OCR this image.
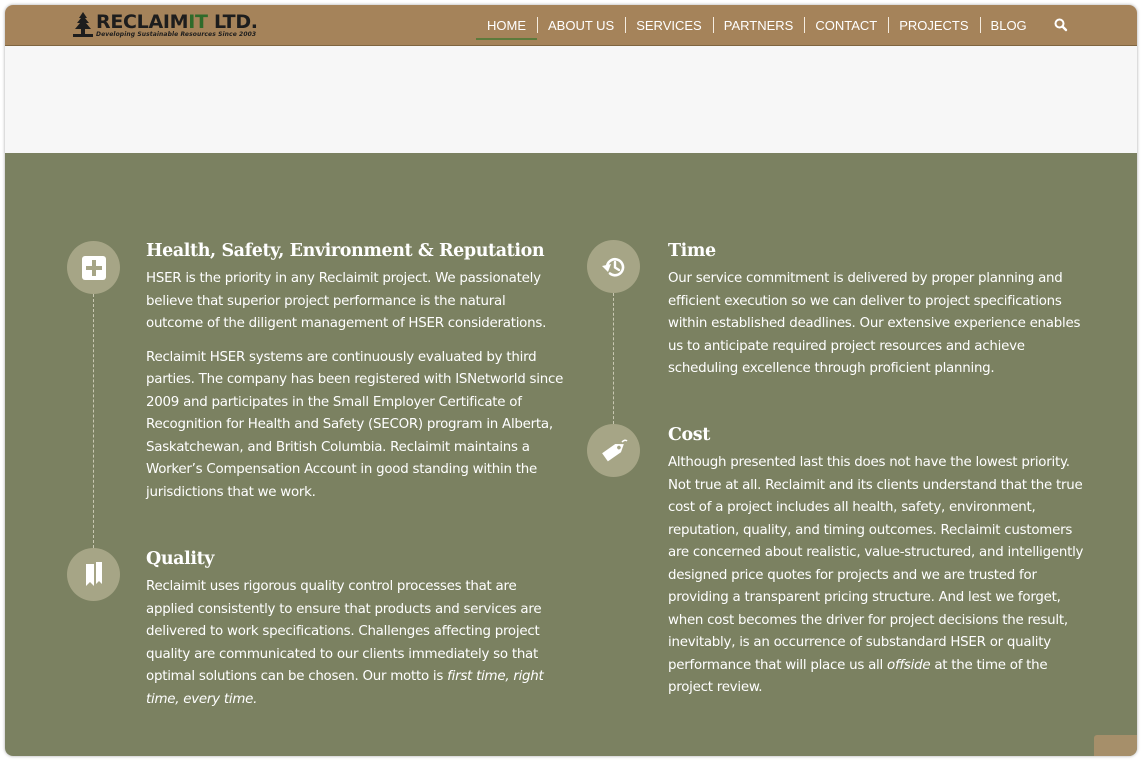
RECLAIMIT LTD.
Developing Sustainable Resources Since 2003
HOME	ABOUT US	SERVICES	PARTNERS	CONTACT	PROJECTS	BLOG
Health, Safety, Environment & Reputation

HSER is the priority in any Reclaimit project. We passionately believe that superior project performance is the natural outcome of the diligent management of HSER considerations.

Reclaimit HSER systems are continuously evaluated by third parties. The company has been registered with ISNetworld since 2009 and participates in the Small Employer Certificate of Recognition for Health and Safety (SECOR) program in Alberta, Saskatchewan, and British Columbia. Reclaimit maintains a Worker’s Compensation Account in good standing within the jurisdictions that we work.

Quality

Reclaimit uses rigorous quality control processes that are applied consistently to ensure that products and services are delivered to work specifications. Challenges affecting project quality are communicated to our clients immediately so that optimal solutions can be chosen. Our motto is first time, right time, every time.

Time

Our service commitment is delivered by proper planning and efficient execution so we can deliver to project specifications within established deadlines. Our extensive experience enables us to anticipate required project resources and achieve scheduling excellence through proficient planning.

Cost

Although presented last this does not have the lowest priority. Not true at all. Reclaimit and its clients understand that the true cost of a project includes all health, safety, environment, reputation, quality, and timing outcomes. Reclaimit customers are concerned about realistic, value-structured, and intelligently designed price quotes for projects and we are trusted for providing a transparent pricing structure. And lest we forget, when cost becomes the driver for project decisions the result, inevitably, is an occurrence of substandard HSER or quality performance that will place us all offside at the time of the project review.
